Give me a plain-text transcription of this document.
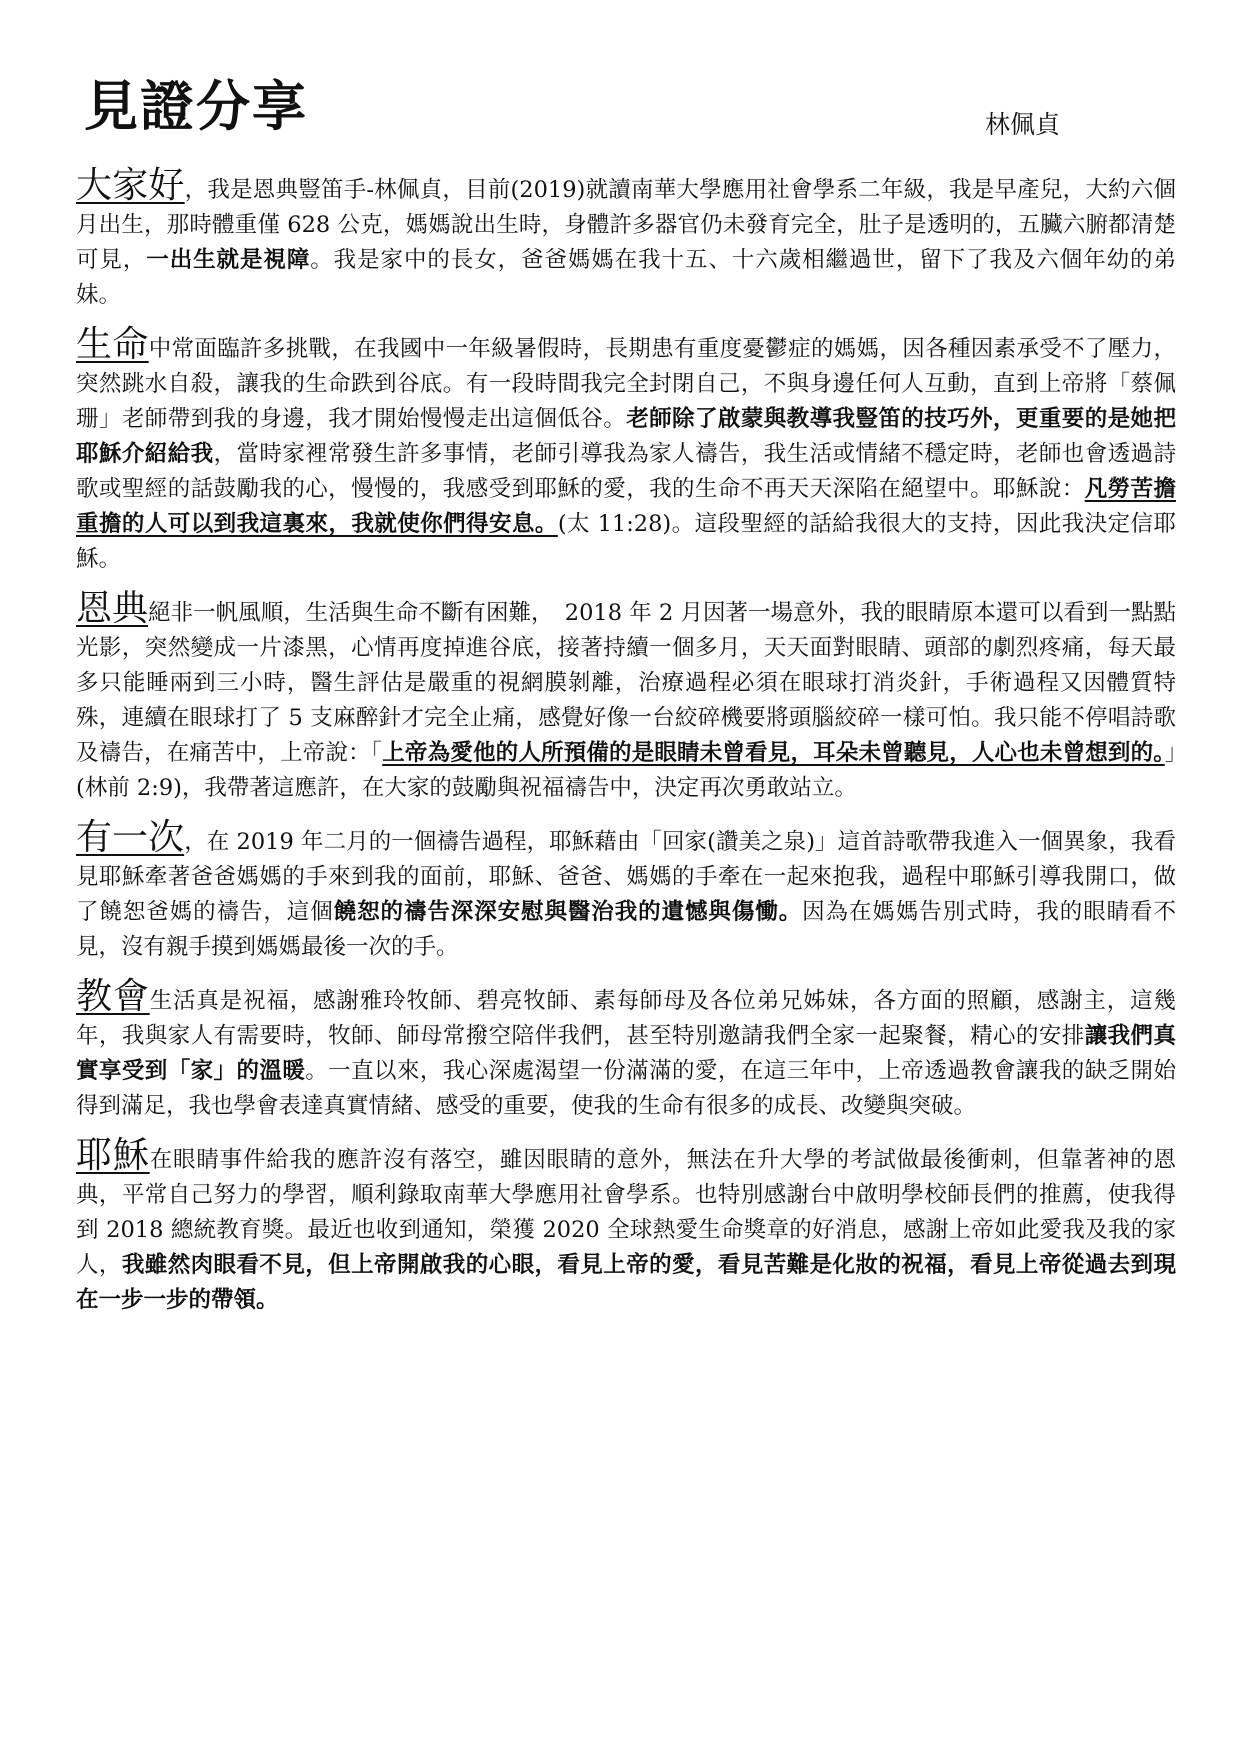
見證分享	林佩貞

大家好，我是恩典豎笛手-林佩貞，目前(2019)就讀南華大學應用社會學系二年級，我是早產兒，大約六個月出生，那時體重僅 628 公克，媽媽說出生時，身體許多器官仍未發育完全，肚子是透明的，五臟六腑都清楚可見，一出生就是視障。我是家中的長女，爸爸媽媽在我十五、十六歲相繼過世，留下了我及六個年幼的弟妹。

生命中常面臨許多挑戰，在我國中一年級暑假時，長期患有重度憂鬱症的媽媽，因各種因素承受不了壓力，突然跳水自殺，讓我的生命跌到谷底。有一段時間我完全封閉自己，不與身邊任何人互動，直到上帝將「蔡佩珊」老師帶到我的身邊，我才開始慢慢走出這個低谷。老師除了啟蒙與教導我豎笛的技巧外，更重要的是她把耶穌介紹給我，當時家裡常發生許多事情，老師引導我為家人禱告，我生活或情緒不穩定時，老師也會透過詩歌或聖經的話鼓勵我的心，慢慢的，我感受到耶穌的愛，我的生命不再天天深陷在絕望中。耶穌說：凡勞苦擔重擔的人可以到我這裏來，我就使你們得安息。(太 11:28)。這段聖經的話給我很大的支持，因此我決定信耶穌。

恩典絕非一帆風順，生活與生命不斷有困難，　2018 年 2 月因著一場意外，我的眼睛原本還可以看到一點點光影，突然變成一片漆黑，心情再度掉進谷底，接著持續一個多月，天天面對眼睛、頭部的劇烈疼痛，每天最多只能睡兩到三小時，醫生評估是嚴重的視網膜剝離，治療過程必須在眼球打消炎針，手術過程又因體質特殊，連續在眼球打了 5 支麻醉針才完全止痛，感覺好像一台絞碎機要將頭腦絞碎一樣可怕。我只能不停唱詩歌及禱告，在痛苦中，上帝說：「上帝為愛他的人所預備的是眼睛未曾看見，耳朵未曾聽見，人心也未曾想到的。」(林前 2:9)，我帶著這應許，在大家的鼓勵與祝福禱告中，決定再次勇敢站立。

有一次，在 2019 年二月的一個禱告過程，耶穌藉由「回家(讚美之泉)」這首詩歌帶我進入一個異象，我看見耶穌牽著爸爸媽媽的手來到我的面前，耶穌、爸爸、媽媽的手牽在一起來抱我，過程中耶穌引導我開口，做了饒恕爸媽的禱告，這個饒恕的禱告深深安慰與醫治我的遺憾與傷慟。因為在媽媽告別式時，我的眼睛看不見，沒有親手摸到媽媽最後一次的手。

教會生活真是祝福，感謝雅玲牧師、碧亮牧師、素每師母及各位弟兄姊妹，各方面的照顧，感謝主，這幾年，我與家人有需要時，牧師、師母常撥空陪伴我們，甚至特別邀請我們全家一起聚餐，精心的安排讓我們真實享受到「家」的溫暖。一直以來，我心深處渴望一份滿滿的愛，在這三年中，上帝透過教會讓我的缺乏開始得到滿足，我也學會表達真實情緒、感受的重要，使我的生命有很多的成長、改變與突破。

耶穌在眼睛事件給我的應許沒有落空，雖因眼睛的意外，無法在升大學的考試做最後衝刺，但靠著神的恩典，平常自己努力的學習，順利錄取南華大學應用社會學系。也特別感謝台中啟明學校師長們的推薦，使我得到 2018 總統教育獎。最近也收到通知，榮獲 2020 全球熱愛生命獎章的好消息，感謝上帝如此愛我及我的家人，我雖然肉眼看不見，但上帝開啟我的心眼，看見上帝的愛，看見苦難是化妝的祝福，看見上帝從過去到現在一步一步的帶領。
